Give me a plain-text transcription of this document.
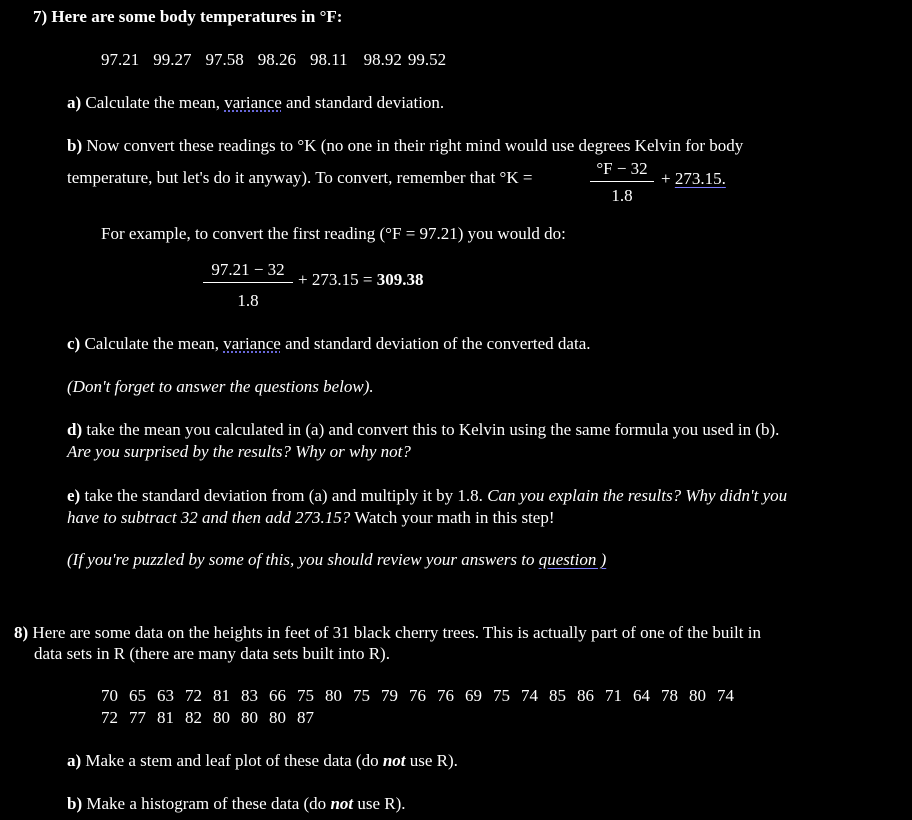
7) Here are some body temperatures in °F:
97.21 99.27 97.58 98.26 98.11 98.92 99.52
a) Calculate the mean, variance and standard deviation.
b) Now convert these readings to °K (no one in their right mind would use degrees Kelvin for body
temperature, but let's do it anyway). To convert, remember that °K =	$\frac{^\circ F - 32}{1.8} + 273.15$.
For example, to convert the first reading (°F = 97.21) you would do:
$\frac{97.21 - 32}{1.8} + 273.15 = 309.38$
c) Calculate the mean, variance and standard deviation of the converted data.
(Don't forget to answer the questions below).
d) take the mean you calculated in (a) and convert this to Kelvin using the same formula you used in (b).
Are you surprised by the results? Why or why not?
e) take the standard deviation from (a) and multiply it by 1.8. Can you explain the results? Why didn't you
have to subtract 32 and then add 273.15? Watch your math in this step!
(If you're puzzled by some of this, you should review your answers to question )
8) Here are some data on the heights in feet of 31 black cherry trees. This is actually part of one of the built in
data sets in R (there are many data sets built into R).
70 65 63 72 81 83 66 75 80 75 79 76 76 69 75 74 85 86 71 64 78 80 74
72 77 81 82 80 80 80 87
a) Make a stem and leaf plot of these data (do not use R).
b) Make a histogram of these data (do not use R).
